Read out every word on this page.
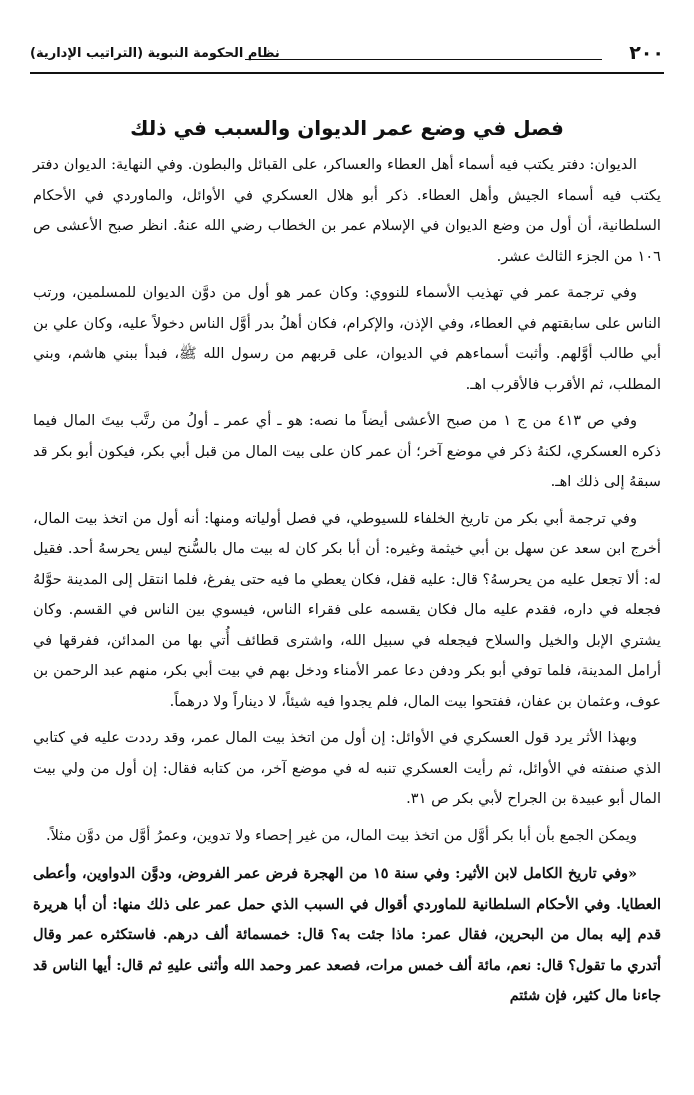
٢٠٠
نظام الحكومة النبوية (التراتيب الإدارية)
فصل في وضع عمر الديوان والسبب في ذلك

الديوان: دفتر يكتب فيه أسماء أهل العطاء والعساكر، على القبائل والبطون. وفي النهاية: الديوان دفتر يكتب فيه أسماء الجيش وأهل العطاء. ذكر أبو هلال العسكري في الأوائل، والماوردي في الأحكام السلطانية، أن أول من وضع الديوان في الإسلام عمر بن الخطاب رضي الله عنهُ. انظر صبح الأعشى ص ١٠٦ من الجزء الثالث عشر.

وفي ترجمة عمر في تهذيب الأسماء للنووي: وكان عمر هو أول من دوَّن الديوان للمسلمين، ورتب الناس على سابقتهم في العطاء، وفي الإذن، والإكرام، فكان أهلُ بدر أوَّل الناس دخولاً عليه، وكان علي بن أبي طالب أوَّلهم. وأثبت أسماءهم في الديوان، على قربهم من رسول الله ﷺ، فبدأ ببني هاشم، وبني المطلب، ثم الأقرب فالأقرب اهـ.

وفي ص ٤١٣ من ج ١ من صبح الأعشى أيضاً ما نصه: هو ـ أي عمر ـ أولُ من رتَّب بيتَ المال فيما ذكره العسكري، لكنهُ ذكر في موضع آخر؛ أن عمر كان على بيت المال من قبل أبي بكر، فيكون أبو بكر قد سبقهُ إلى ذلك اهـ.

وفي ترجمة أبي بكر من تاريخ الخلفاء للسيوطي، في فصل أولياته ومنها: أنه أول من اتخذ بيت المال، أخرج ابن سعد عن سهل بن أبي خيثمة وغيره: أن أبا بكر كان له بيت مال بالسُّنح ليس يحرسهُ أحد. فقيل له: ألا تجعل عليه من يحرسهُ؟ قال: عليه قفل، فكان يعطي ما فيه حتى يفرغ، فلما انتقل إلى المدينة حوَّلهُ فجعله في داره، فقدم عليه مال فكان يقسمه على فقراء الناس، فيسوي بين الناس في القسم. وكان يشتري الإبل والخيل والسلاح فيجعله في سبيل الله، واشترى قطائف أُتي بها من المدائن، ففرقها في أرامل المدينة، فلما توفي أبو بكر ودفن دعا عمر الأمناء ودخل بهم في بيت أبي بكر، منهم عبد الرحمن بن عوف، وعثمان بن عفان، ففتحوا بيت المال، فلم يجدوا فيه شيئاً، لا ديناراً ولا درهماً.

وبهذا الأثر يرد قول العسكري في الأوائل: إن أول من اتخذ بيت المال عمر، وقد رددت عليه في كتابي الذي صنفته في الأوائل، ثم رأيت العسكري تنبه له في موضع آخر، من كتابه فقال: إن أول من ولي بيت المال أبو عبيدة بن الجراح لأبي بكر ص ٣١.

ويمكن الجمع بأن أبا بكر أوَّل من اتخذ بيت المال، من غير إحصاء ولا تدوين، وعمرُ أوَّل من دوَّن مثلاً.

«وفي تاريخ الكامل لابن الأثير: وفي سنة ١٥ من الهجرة فرض عمر الفروض، ودوَّن الدواوين، وأعطى العطايا. وفي الأحكام السلطانية للماوردي أقوال في السبب الذي حمل عمر على ذلك منها: أن أبا هريرة قدم إليه بمال من البحرين، فقال عمر: ماذا جئت به؟ قال: خمسمائة ألف درهم. فاستكثره عمر وقال أتدري ما تقول؟ قال: نعم، مائة ألف خمس مرات، فصعد عمر وحمد الله وأثنى عليهِ ثم قال: أيها الناس قد جاءنا مال كثير، فإن شئتم
